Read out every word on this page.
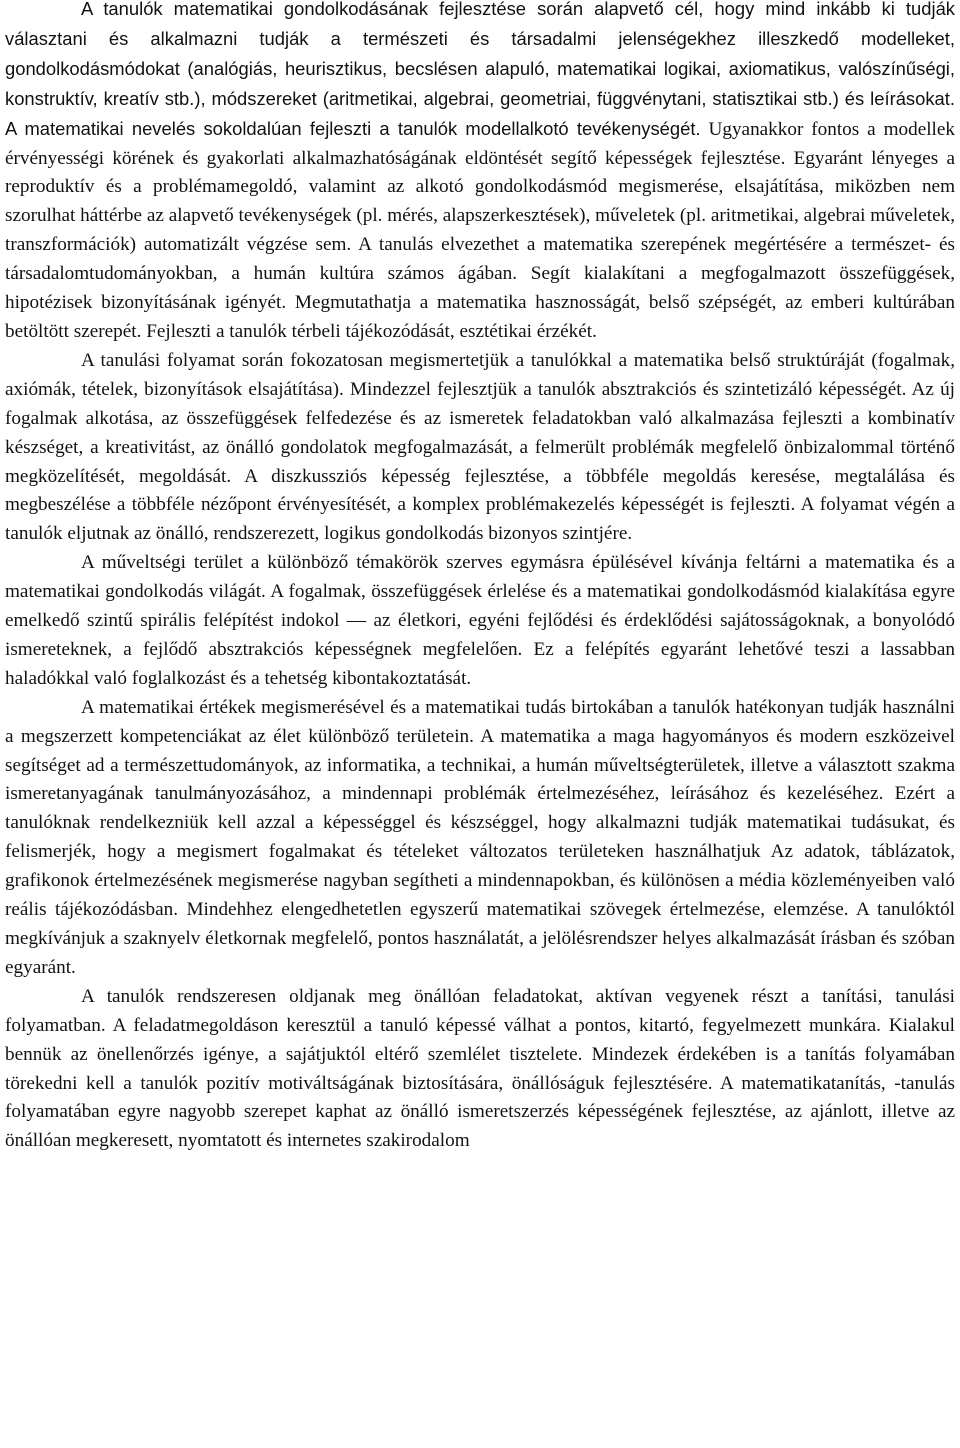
A tanulók matematikai gondolkodásának fejlesztése során alapvető cél, hogy mind inkább ki tudják választani és alkalmazni tudják a természeti és társadalmi jelenségekhez illeszkedő modelleket, gondolkodásmódokat (analógiás, heurisztikus, becslésen alapuló, matematikai logikai, axiomatikus, valószínűségi, konstruktív, kreatív stb.), módszereket (aritmetikai, algebrai, geometriai, függvénytani, statisztikai stb.) és leírásokat. A matematikai nevelés sokoldalúan fejleszti a tanulók modellalkotó tevékenységét. Ugyanakkor fontos a modellek érvényességi körének és gyakorlati alkalmazhatóságának eldöntését segítő képességek fejlesztése. Egyaránt lényeges a reproduktív és a problémamegoldó, valamint az alkotó gondolkodásmód megismerése, elsajátítása, miközben nem szorulhat háttérbe az alapvető tevékenységek (pl. mérés, alapszerkesztések), műveletek (pl. aritmetikai, algebrai műveletek, transzformációk) automatizált végzése sem. A tanulás elvezethet a matematika szerepének megértésére a természet- és társadalomtudományokban, a humán kultúra számos ágában. Segít kialakítani a megfogalmazott összefüggések, hipotézisek bizonyításának igényét. Megmutathatja a matematika hasznosságát, belső szépségét, az emberi kultúrában betöltött szerepét. Fejleszti a tanulók térbeli tájékozódását, esztétikai érzékét.

A tanulási folyamat során fokozatosan megismertetjük a tanulókkal a matematika belső struktúráját (fogalmak, axiómák, tételek, bizonyítások elsajátítása). Mindezzel fejlesztjük a tanulók absztrakciós és szintetizáló képességét. Az új fogalmak alkotása, az összefüggések felfedezése és az ismeretek feladatokban való alkalmazása fejleszti a kombinatív készséget, a kreativitást, az önálló gondolatok megfogalmazását, a felmerült problémák megfelelő önbizalommal történő megközelítését, megoldását. A diszkussziós képesség fejlesztése, a többféle megoldás keresése, megtalálása és megbeszélése a többféle nézőpont érvényesítését, a komplex problémakezelés képességét is fejleszti. A folyamat végén a tanulók eljutnak az önálló, rendszerezett, logikus gondolkodás bizonyos szintjére.

A műveltségi terület a különböző témakörök szerves egymásra épülésével kívánja feltárni a matematika és a matematikai gondolkodás világát. A fogalmak, összefüggések érlelése és a matematikai gondolkodásmód kialakítása egyre emelkedő szintű spirális felépítést indokol — az életkori, egyéni fejlődési és érdeklődési sajátosságoknak, a bonyolódó ismereteknek, a fejlődő absztrakciós képességnek megfelelően. Ez a felépítés egyaránt lehetővé teszi a lassabban haladókkal való foglalkozást és a tehetség kibontakoztatását.

A matematikai értékek megismerésével és a matematikai tudás birtokában a tanulók hatékonyan tudják használni a megszerzett kompetenciákat az élet különböző területein. A matematika a maga hagyományos és modern eszközeivel segítséget ad a természettudományok, az informatika, a technikai, a humán műveltségterületek, illetve a választott szakma ismeretanyagának tanulmányozásához, a mindennapi problémák értelmezéséhez, leírásához és kezeléséhez. Ezért a tanulóknak rendelkezniük kell azzal a képességgel és készséggel, hogy alkalmazni tudják matematikai tudásukat, és felismerjék, hogy a megismert fogalmakat és tételeket változatos területeken használhatjuk Az adatok, táblázatok, grafikonok értelmezésének megismerése nagyban segítheti a mindennapokban, és különösen a média közleményeiben való reális tájékozódásban. Mindehhez elengedhetetlen egyszerű matematikai szövegek értelmezése, elemzése. A tanulóktól megkívánjuk a szaknyelv életkornak megfelelő, pontos használatát, a jelölésrendszer helyes alkalmazását írásban és szóban egyaránt.

A tanulók rendszeresen oldjanak meg önállóan feladatokat, aktívan vegyenek részt a tanítási, tanulási folyamatban. A feladatmegoldáson keresztül a tanuló képessé válhat a pontos, kitartó, fegyelmezett munkára. Kialakul bennük az önellenőrzés igénye, a sajátjuktól eltérő szemlélet tisztelete. Mindezek érdekében is a tanítás folyamában törekedni kell a tanulók pozitív motiváltságának biztosítására, önállóságuk fejlesztésére. A matematikatanítás, -tanulás folyamatában egyre nagyobb szerepet kaphat az önálló ismeretszerzés képességének fejlesztése, az ajánlott, illetve az önállóan megkeresett, nyomtatott és internetes szakirodalom
